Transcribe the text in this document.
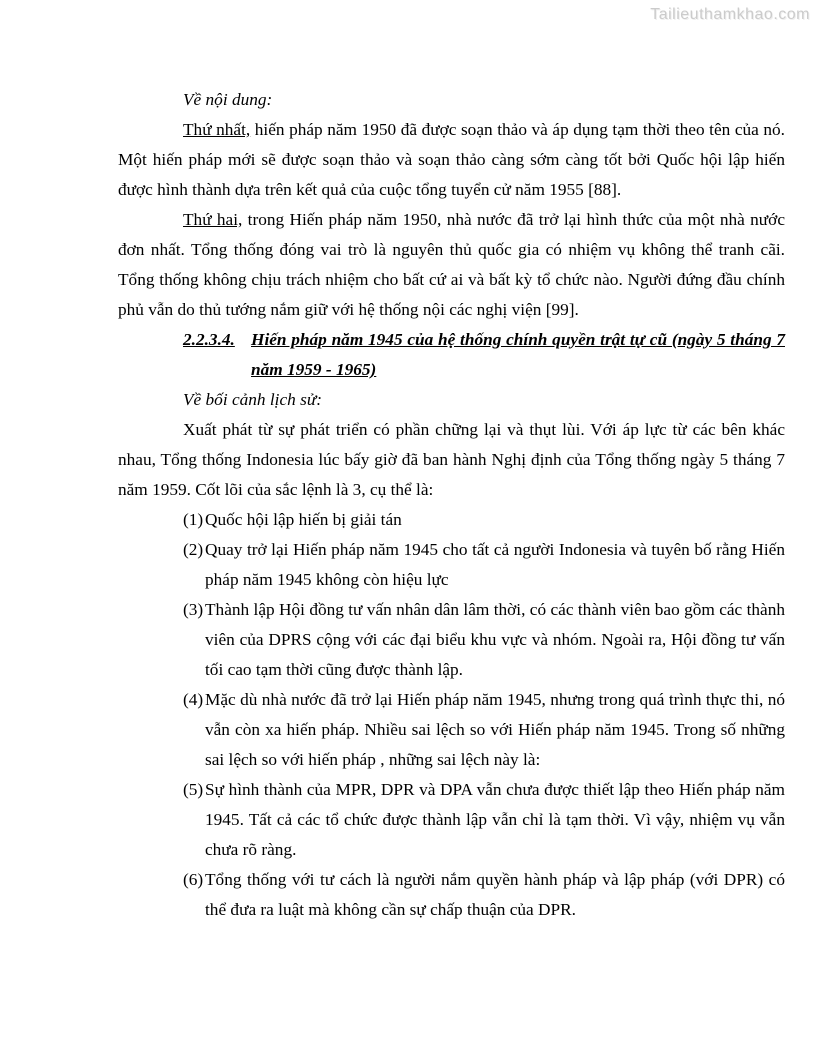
Tailieuthamkhao.com

Về nội dung:

Thứ nhất, hiến pháp năm 1950 đã được soạn thảo và áp dụng tạm thời theo tên của nó. Một hiến pháp mới sẽ được soạn thảo và soạn thảo càng sớm càng tốt bởi Quốc hội lập hiến được hình thành dựa trên kết quả của cuộc tổng tuyển cử năm 1955 [88].

Thứ hai, trong Hiến pháp năm 1950, nhà nước đã trở lại hình thức của một nhà nước đơn nhất. Tổng thống đóng vai trò là nguyên thủ quốc gia có nhiệm vụ không thể tranh cãi. Tổng thống không chịu trách nhiệm cho bất cứ ai và bất kỳ tổ chức nào. Người đứng đầu chính phủ vẫn do thủ tướng nắm giữ với hệ thống nội các nghị viện [99].

2.2.3.4. Hiến pháp năm 1945 của hệ thống chính quyền trật tự cũ (ngày 5 tháng 7 năm 1959 - 1965)

Về bối cảnh lịch sử:

Xuất phát từ sự phát triển có phần chững lại và thụt lùi. Với áp lực từ các bên khác nhau, Tổng thống Indonesia lúc bấy giờ đã ban hành Nghị định của Tổng thống ngày 5 tháng 7 năm 1959. Cốt lõi của sắc lệnh là 3, cụ thể là:

(1) Quốc hội lập hiến bị giải tán
(2) Quay trở lại Hiến pháp năm 1945 cho tất cả người Indonesia và tuyên bố rằng Hiến pháp năm 1945 không còn hiệu lực
(3) Thành lập Hội đồng tư vấn nhân dân lâm thời, có các thành viên bao gồm các thành viên của DPRS cộng với các đại biểu khu vực và nhóm. Ngoài ra, Hội đồng tư vấn tối cao tạm thời cũng được thành lập.
(4) Mặc dù nhà nước đã trở lại Hiến pháp năm 1945, nhưng trong quá trình thực thi, nó vẫn còn xa hiến pháp. Nhiều sai lệch so với Hiến pháp năm 1945. Trong số những sai lệch so với hiến pháp , những sai lệch này là:
(5) Sự hình thành của MPR, DPR và DPA vẫn chưa được thiết lập theo Hiến pháp năm 1945. Tất cả các tổ chức được thành lập vẫn chỉ là tạm thời. Vì vậy, nhiệm vụ vẫn chưa rõ ràng.
(6) Tổng thống với tư cách là người nắm quyền hành pháp và lập pháp (với DPR) có thể đưa ra luật mà không cần sự chấp thuận của DPR.
